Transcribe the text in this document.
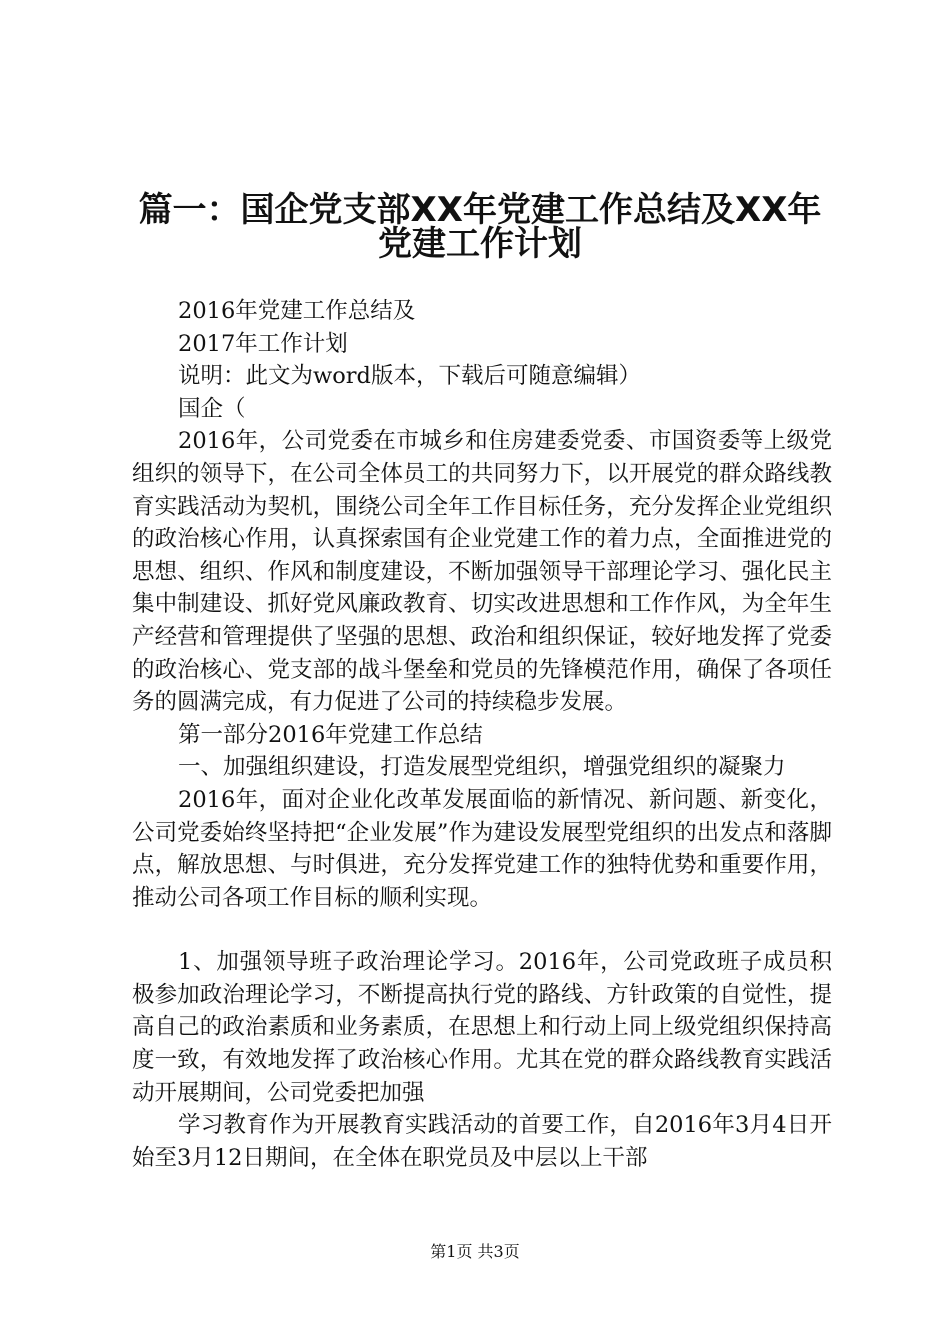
篇一：国企党支部XX年党建工作总结及XX年
党建工作计划

2016年党建工作总结及

2017年工作计划

说明：此文为word版本，下载后可随意编辑）

国企（

2016年，公司党委在市城乡和住房建委党委、市国资委等上级党组织的领导下，在公司全体员工的共同努力下，以开展党的群众路线教育实践活动为契机，围绕公司全年工作目标任务，充分发挥企业党组织的政治核心作用，认真探索国有企业党建工作的着力点，全面推进党的思想、组织、作风和制度建设，不断加强领导干部理论学习、强化民主集中制建设、抓好党风廉政教育、切实改进思想和工作作风，为全年生产经营和管理提供了坚强的思想、政治和组织保证，较好地发挥了党委的政治核心、党支部的战斗堡垒和党员的先锋模范作用，确保了各项任务的圆满完成，有力促进了公司的持续稳步发展。

第一部分2016年党建工作总结

一、加强组织建设，打造发展型党组织，增强党组织的凝聚力

2016年，面对企业化改革发展面临的新情况、新问题、新变化，公司党委始终坚持把“企业发展”作为建设发展型党组织的出发点和落脚点，解放思想、与时俱进，充分发挥党建工作的独特优势和重要作用，推动公司各项工作目标的顺利实现。

1、加强领导班子政治理论学习。2016年，公司党政班子成员积极参加政治理论学习，不断提高执行党的路线、方针政策的自觉性，提高自己的政治素质和业务素质，在思想上和行动上同上级党组织保持高度一致，有效地发挥了政治核心作用。尤其在党的群众路线教育实践活动开展期间，公司党委把加强

学习教育作为开展教育实践活动的首要工作，自2016年3月4日开始至3月12日期间，在全体在职党员及中层以上干部

第1页 共3页
